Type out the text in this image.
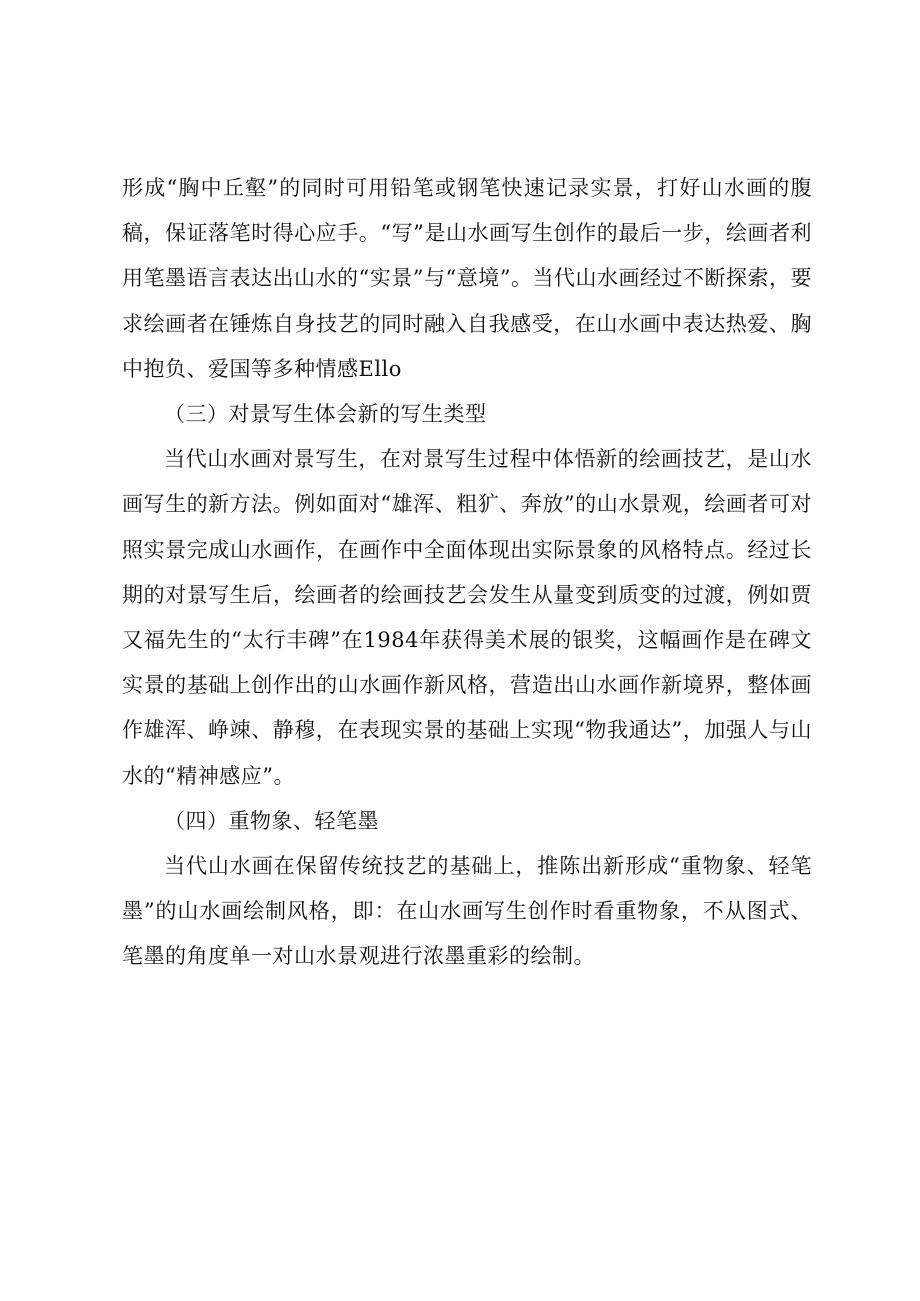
形成“胸中丘壑”的同时可用铅笔或钢笔快速记录实景，打好山水画的腹稿，保证落笔时得心应手。“写”是山水画写生创作的最后一步，绘画者利用笔墨语言表达出山水的“实景”与“意境”。当代山水画经过不断探索，要求绘画者在锤炼自身技艺的同时融入自我感受，在山水画中表达热爱、胸中抱负、爱国等多种情感Ello

（三）对景写生体会新的写生类型

当代山水画对景写生，在对景写生过程中体悟新的绘画技艺，是山水画写生的新方法。例如面对“雄浑、粗犷、奔放”的山水景观，绘画者可对照实景完成山水画作，在画作中全面体现出实际景象的风格特点。经过长期的对景写生后，绘画者的绘画技艺会发生从量变到质变的过渡，例如贾又福先生的“太行丰碑”在1984年获得美术展的银奖，这幅画作是在碑文实景的基础上创作出的山水画作新风格，营造出山水画作新境界，整体画作雄浑、峥竦、静穆，在表现实景的基础上实现“物我通达”，加强人与山水的“精神感应”。

（四）重物象、轻笔墨

当代山水画在保留传统技艺的基础上，推陈出新形成“重物象、轻笔墨”的山水画绘制风格，即：在山水画写生创作时看重物象，不从图式、笔墨的角度单一对山水景观进行浓墨重彩的绘制。
